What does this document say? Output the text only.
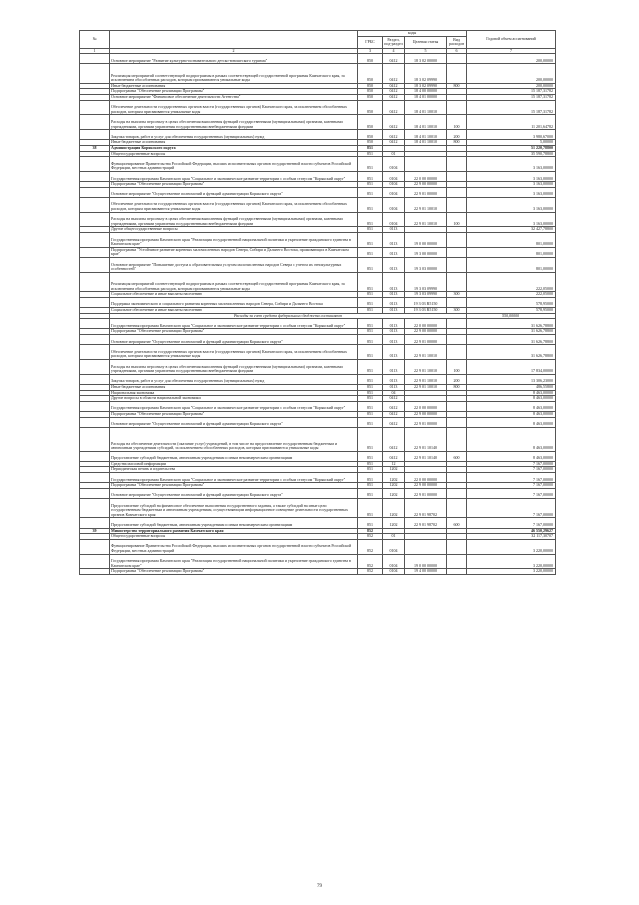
№		коды				Годовой объем ассигнований
		ГРБС	Раздел, под-раздел	Целевая статья	Вид расходов	
1	2	3	4	5	6	7
	Основное мероприятие "Развитие культурно-познавательного детско-юношеского туризма"	850	0412	18 3 02 00000		200,00000
	Реализация мероприятий соответствующей подпрограммы в рамках соответствующей государственной программы Камчатского края, за исключением обособленных расходов, которым присваиваются уникальные коды	850	0412	18 3 02 09990		200,00000
	Иные бюджетные ассигнования	850	0412	18 3 02 09990	800	200,00000
	Подпрограмма "Обеспечение реализации Программы"	850	0412	18 4 00 00000		15 187,31782
	Основное мероприятие "Финансовое обеспечение деятельности Агентства"	850	0412	18 4 01 00000		15 187,31782
	Обеспечение деятельности государственных органов власти (государственных органов) Камчатского края, за исключением обособленных расходов, которым присваиваются уникальные коды	850	0412	18 4 01 10010		15 187,31782
	Расходы на выплаты персоналу в целях обеспечения выполнения функций государственными (муниципальными) органами, казенными учреждениями, органами управления государственными внебюджетными фондами	850	0412	18 4 01 10010	100	11 201,64782
	Закупка товаров, работ и услуг для обеспечения государственных (муниципальных) нужд	850	0412	18 4 01 10010	200	3 980,67000
	Иные бюджетные ассигнования	850	0412	18 4 01 10010	800	5,00000
38	Администрация Корякского округа	851				51 220,78800
	Общегосударственные вопросы	851	01			35 590,78800
	Функционирование Правительства Российской Федерации, высших исполнительных органов государственной власти субъектов Российской Федерации, местных администраций	851	0104			3 163,00000
	Государственная программа Камчатского края "Социальное и экономическое развитие территории с особым статусом "Корякский округ"	851	0104	22 0 00 00000		3 163,00000
	Подпрограмма "Обеспечение реализации Программы"	851	0104	22 9 00 00000		3 163,00000
	Основное мероприятие "Осуществление полномочий и функций администрации Корякского округа"	851	0104	22 9 01 00000		3 163,00000
	Обеспечение деятельности государственных органов власти (государственных органов) Камчатского края, за исключением обособленных расходов, которым присваиваются уникальные коды	851	0104	22 9 01 10010		3 163,00000
	Расходы на выплаты персоналу в целях обеспечения выполнения функций государственными (муниципальными) органами, казенными учреждениями, органами управления государственными внебюджетными фондами	851	0104	22 9 01 10010	100	3 163,00000
	Другие общегосударственные вопросы	851	0113			32 427,78800
	Государственная программа Камчатского края "Реализация государственной национальной политики и укрепление гражданского единства в Камчатском крае"	851	0113	19 0 00 00000		801,00000
	Подпрограмма "Устойчивое развитие коренных малочисленных народов Севера, Сибири и Дальнего Востока, проживающих в Камчатском крае"	851	0113	19 3 00 00000		801,00000
	Основное мероприятие "Повышение доступа к образовательным услугам малочисленных народов Севера с учетом их этнокультурных особенностей"	851	0113	19 3 03 00000		801,00000
	Реализация мероприятий соответствующей подпрограммы в рамках соответствующей государственной программы Камчатского края, за исключением обособленных расходов, которым присваиваются уникальные коды	851	0113	19 3 03 09990		222,05000
	Социальное обеспечение и иные выплаты населению	851	0113	19 3 03 09990	300	222,05000
	Поддержка экономического и социального развития коренных малочисленных народов Севера, Сибири и Дальнего Востока	851	0113	19 3 03 R5150		578,95000
	Социальное обеспечение и иные выплаты населению	851	0113	19 3 03 R5150	300	578,95000
	Расходы за счет средств федерального бюджета составляют					550,00000
	Государственная программа Камчатского края "Социальное и экономическое развитие территории с особым статусом "Корякский округ"	851	0113	22 0 00 00000		31 626,78800
	Подпрограмма "Обеспечение реализации Программы"	851	0113	22 9 00 00000		31 626,78800
	Основное мероприятие "Осуществление полномочий и функций администрации Корякского округа"	851	0113	22 9 01 00000		31 626,78800
	Обеспечение деятельности государственных органов власти (государственных органов) Камчатского края, за исключением обособленных расходов, которым присваиваются уникальные коды	851	0113	22 9 01 10010		31 626,78800
	Расходы на выплаты персоналу в целях обеспечения выполнения функций государственными (муниципальными) органами, казенными учреждениями, органами управления государственными внебюджетными фондами	851	0113	22 9 01 10010	100	17 834,00000
	Закупка товаров, работ и услуг для обеспечения государственных (муниципальных) нужд	851	0113	22 9 01 10010	200	13 306,23000
	Иные бюджетные ассигнования	851	0113	22 9 01 10010	800	486,55800
	Национальная экономика	851	04			8 463,00000
	Другие вопросы в области национальной экономики	851	0412			8 463,00000
	Государственная программа Камчатского края "Социальное и экономическое развитие территории с особым статусом "Корякский округ"	851	0412	22 0 00 00000		8 463,00000
	Подпрограмма "Обеспечение реализации Программы"	851	0412	22 9 00 00000		8 463,00000
	Основное мероприятие "Осуществление полномочий и функций администрации Корякского округа"	851	0412	22 9 01 00000		8 463,00000
	Расходы на обеспечение деятельности (оказание услуг) учреждений, в том числе на предоставление государственным бюджетным и автономным учреждениям субсидий, за исключением обособленных расходов, которым присваиваются уникальные коды	851	0412	22 9 01 10140		8 463,00000
	Предоставление субсидий бюджетным, автономным учреждениям и иным некоммерческим организациям	851	0412	22 9 01 10140	600	8 463,00000
	Средства массовой информации	851	12			7 167,00000
	Периодическая печать и издательства	851	1202			7 167,00000
	Государственная программа Камчатского края "Социальное и экономическое развитие территории с особым статусом "Корякский округ"	851	1202	22 0 00 00000		7 167,00000
	Подпрограмма "Обеспечение реализации Программы"	851	1202	22 9 00 00000		7 167,00000
	Основное мероприятие "Осуществление полномочий и функций администрации Корякского округа"	851	1202	22 9 01 00000		7 167,00000
	Предоставление субсидий на финансовое обеспечение выполнения государственного задания, а также субсидий на иные цели государственным бюджетным и автономным учреждениям, осуществляющим информационное освещение деятельности государственных органов Камчатского края	851	1202	22 9 01 98702		7 167,00000
	Предоставление субсидий бюджетным, автономным учреждениям и иным некоммерческим организациям	851	1202	22 9 01 98702	600	7 167,00000
39	Министерство территориального развития Камчатского края	852				46 550,29627
	Общегосударственные вопросы	852	01			32 117,30707
	Функционирование Правительства Российской Федерации, высших исполнительных органов государственной власти субъектов Российской Федерации, местных администраций	852	0104			3 220,00000
	Государственная программа Камчатского края "Реализация государственной национальной политики и укрепление гражданского единства в Камчатском крае"	852	0104	19 0 00 00000		3 220,00000
	Подпрограмма "Обеспечение реализации Программы"	852	0104	19 4 00 00000		3 220,00000
79
